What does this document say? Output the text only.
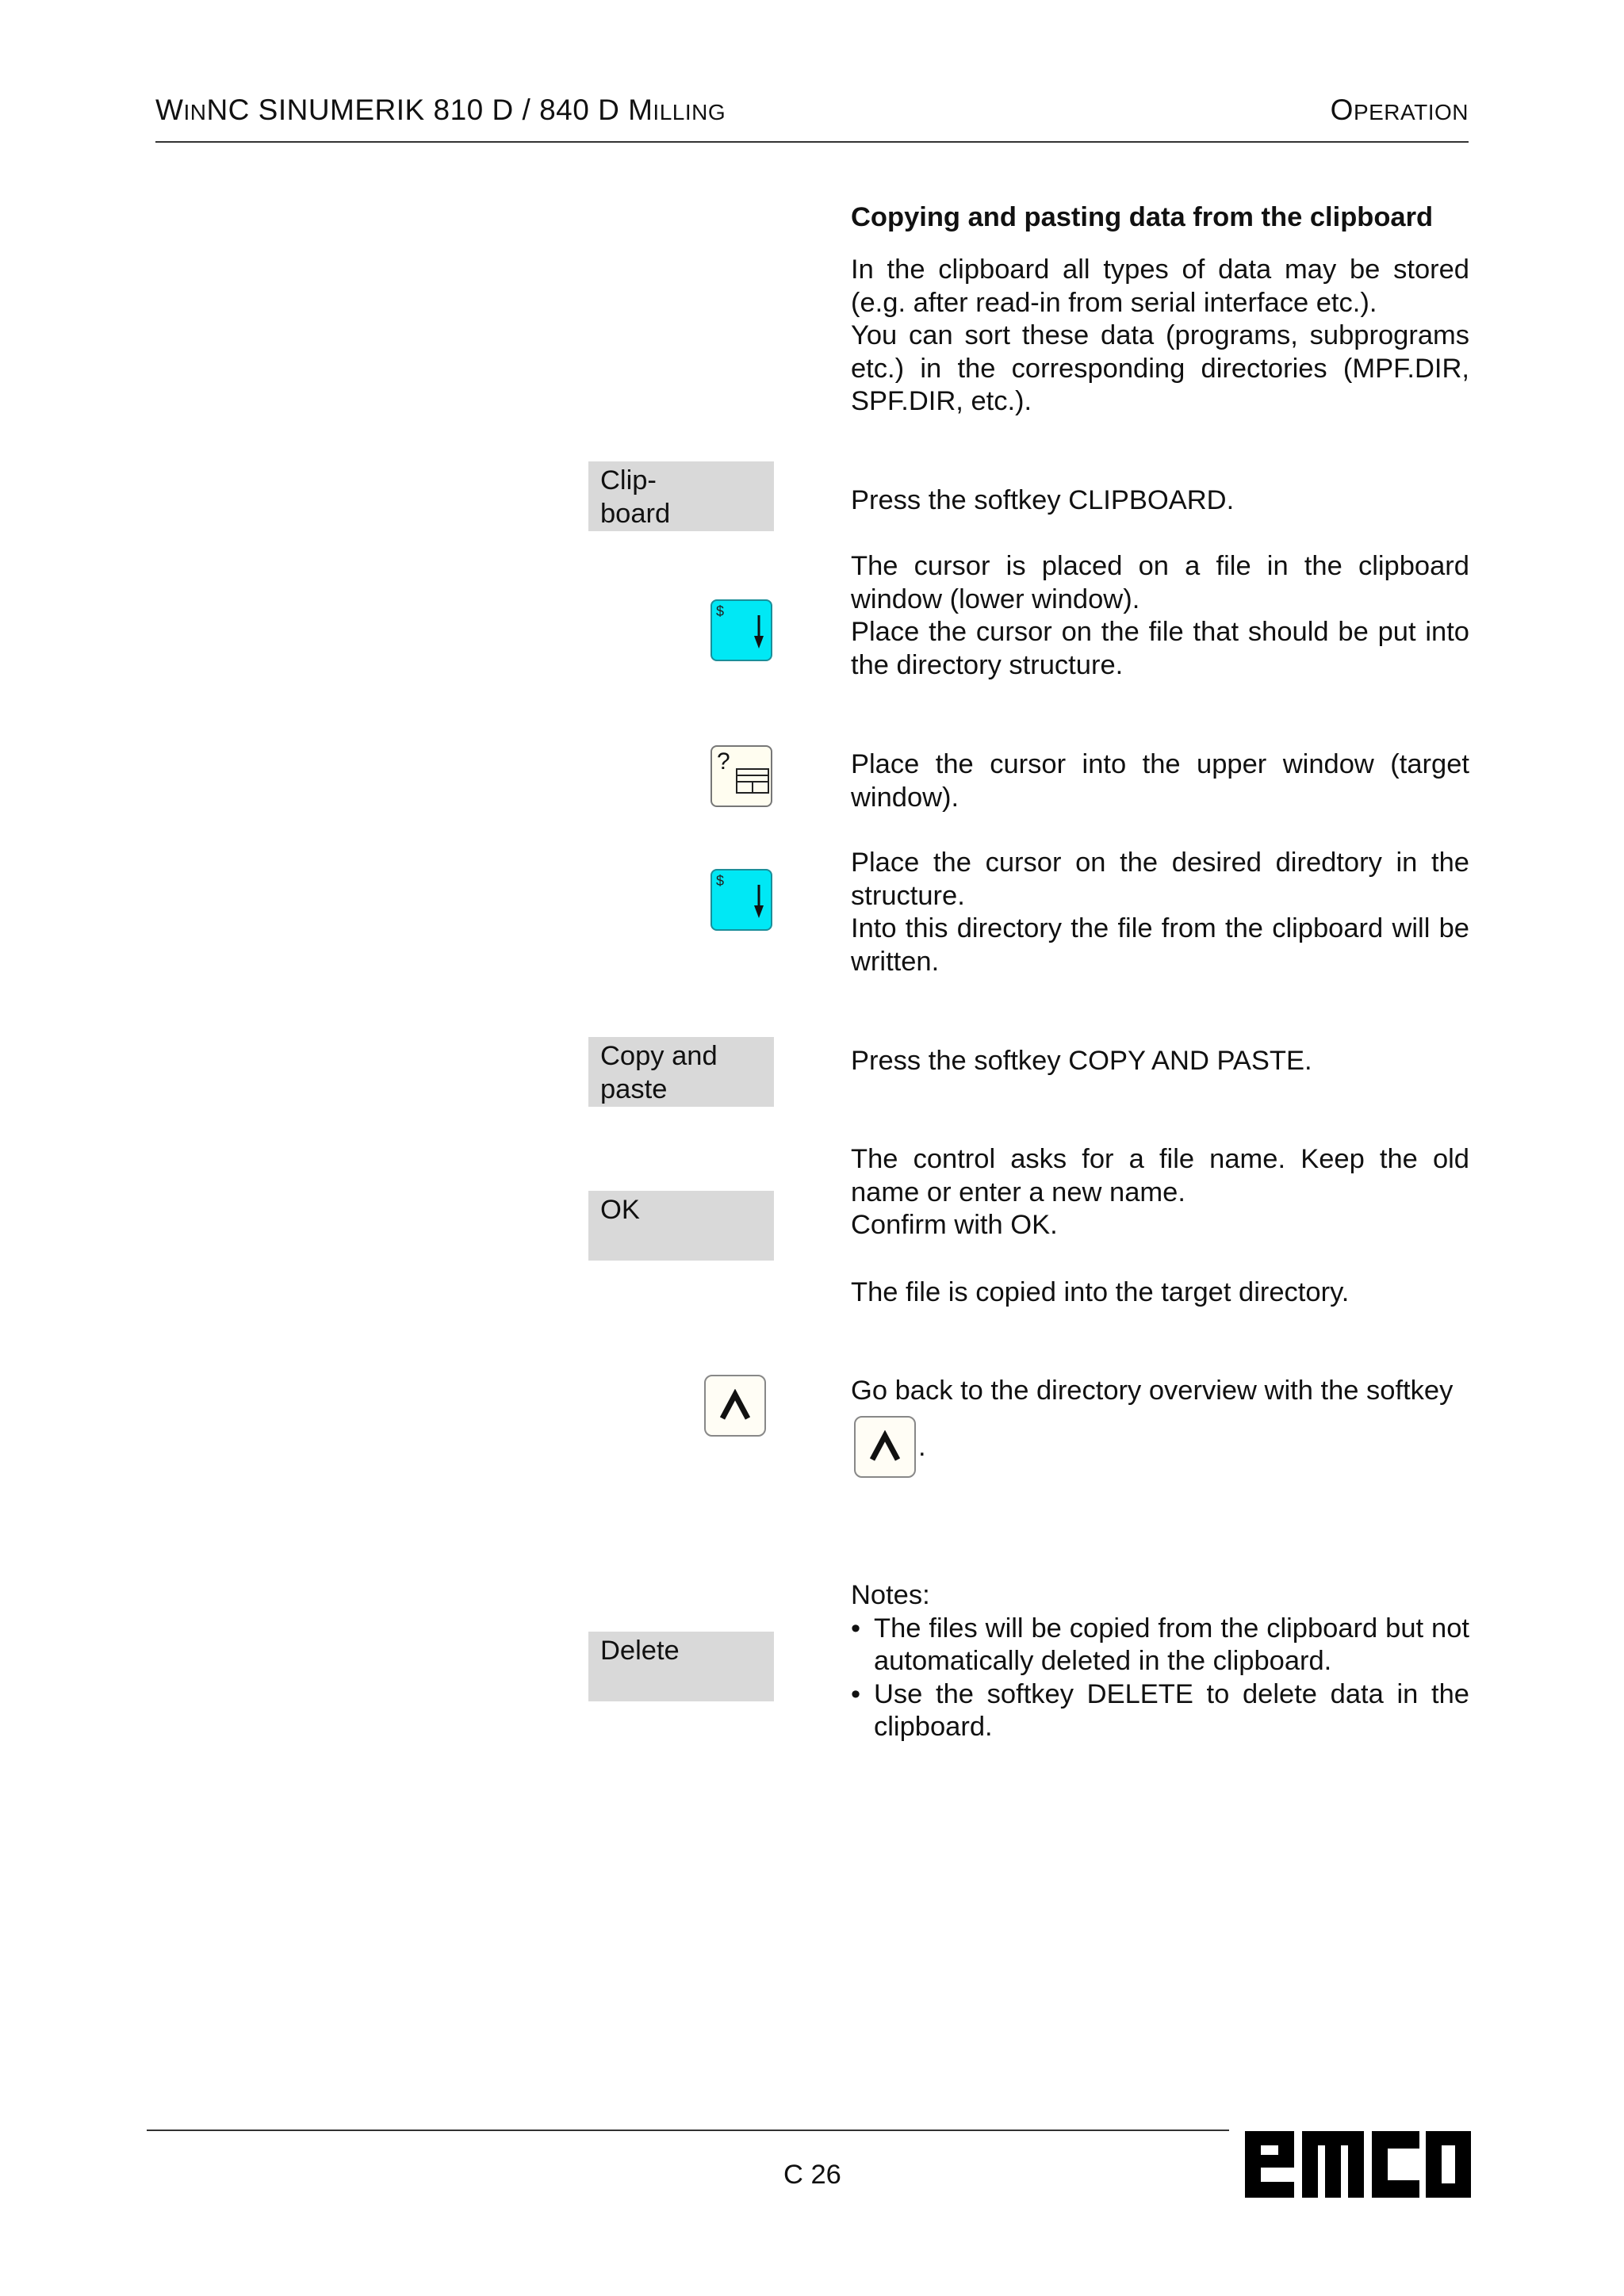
WINNC SINUMERIK 810 D / 840 D MILLING	OPERATION

Copying and pasting data from the clipboard

In the clipboard all types of data may be stored (e.g. after read-in from serial interface etc.).

You can sort these data (programs, subprograms etc.) in the corresponding directories (MPF.DIR, SPF.DIR, etc.).

Clip-
board	Press the softkey CLIPBOARD.

$

The cursor is placed on a file in the clipboard window (lower window).

Place the cursor on the file that should be put into the directory structure.

?	Place the cursor into the upper window (target window).

$

Place the cursor on the desired diredtory in the structure.

Into this directory the file from the clipboard will be written.

Copy and
paste

Press the softkey COPY AND PASTE.

OK

The control asks for a file name. Keep the old name or enter a new name.

Confirm with OK.

The file is copied into the target directory.

Go back to the directory overview with the softkey

.
Delete

Notes:

• The files will be copied from the clipboard but not automatically deleted in the clipboard.
• Use the softkey DELETE to delete data in the clipboard.
C 26
